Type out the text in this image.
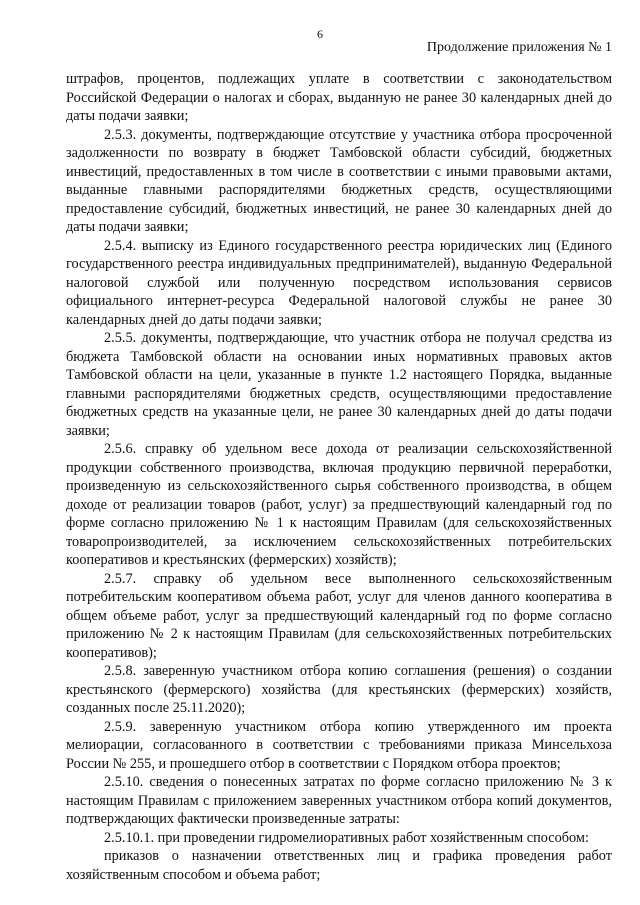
6
Продолжение приложения № 1

штрафов, процентов, подлежащих уплате в соответствии с законодательством Российской Федерации о налогах и сборах, выданную не ранее 30 календарных дней до даты подачи заявки;

2.5.3. документы, подтверждающие отсутствие у участника отбора просроченной задолженности по возврату в бюджет Тамбовской области субсидий, бюджетных инвестиций, предоставленных в том числе в соответствии с иными правовыми актами, выданные главными распорядителями бюджетных средств, осуществляющими предоставление субсидий, бюджетных инвестиций, не ранее 30 календарных дней до даты подачи заявки;

2.5.4. выписку из Единого государственного реестра юридических лиц (Единого государственного реестра индивидуальных предпринимателей), выданную Федеральной налоговой службой или полученную посредством использования сервисов официального интернет-ресурса Федеральной налоговой службы не ранее 30 календарных дней до даты подачи заявки;

2.5.5. документы, подтверждающие, что участник отбора не получал средства из бюджета Тамбовской области на основании иных нормативных правовых актов Тамбовской области на цели, указанные в пункте 1.2 настоящего Порядка, выданные главными распорядителями бюджетных средств, осуществляющими предоставление бюджетных средств на указанные цели, не ранее 30 календарных дней до даты подачи заявки;

2.5.6. справку об удельном весе дохода от реализации сельскохозяйственной продукции собственного производства, включая продукцию первичной переработки, произведенную из сельскохозяйственного сырья собственного производства, в общем доходе от реализации товаров (работ, услуг) за предшествующий календарный год по форме согласно приложению № 1 к настоящим Правилам (для сельскохозяйственных товаропроизводителей, за исключением сельскохозяйственных потребительских кооперативов и крестьянских (фермерских) хозяйств);

2.5.7. справку об удельном весе выполненного сельскохозяйственным потребительским кооперативом объема работ, услуг для членов данного кооператива в общем объеме работ, услуг за предшествующий календарный год по форме согласно приложению № 2 к настоящим Правилам (для сельскохозяйственных потребительских кооперативов);

2.5.8. заверенную участником отбора копию соглашения (решения) о создании крестьянского (фермерского) хозяйства (для крестьянских (фермерских) хозяйств, созданных после 25.11.2020);

2.5.9. заверенную участником отбора копию утвержденного им проекта мелиорации, согласованного в соответствии с требованиями приказа Минсельхоза России № 255, и прошедшего отбор в соответствии с Порядком отбора проектов;

2.5.10. сведения о понесенных затратах по форме согласно приложению № 3 к настоящим Правилам с приложением заверенных участником отбора копий документов, подтверждающих фактически произведенные затраты:

2.5.10.1. при проведении гидромелиоративных работ хозяйственным способом:

приказов о назначении ответственных лиц и графика проведения работ хозяйственным способом и объема работ;
